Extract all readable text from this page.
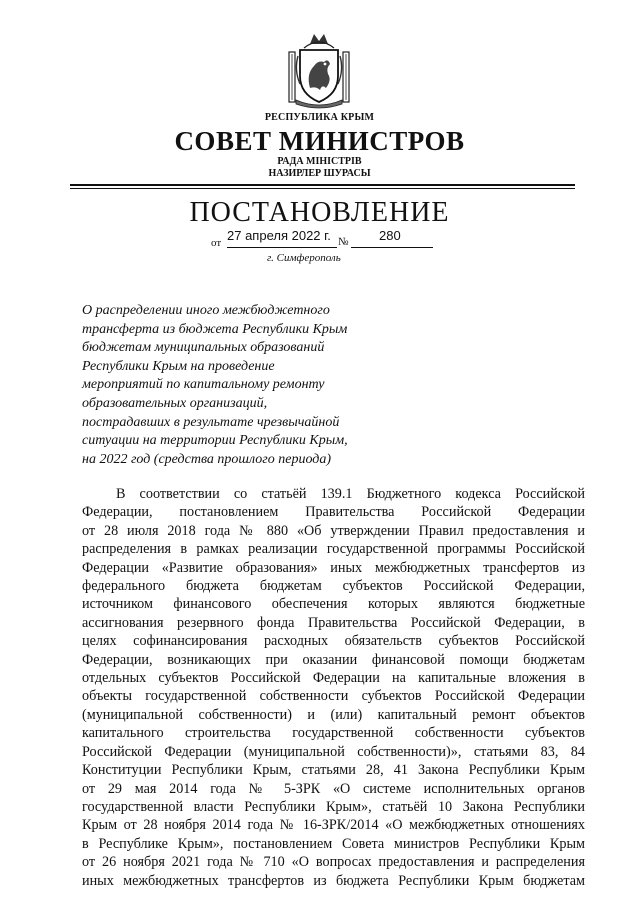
РЕСПУБЛИКА КРЫМ
СОВЕТ МИНИСТРОВ
РАДА МІНІСТРІВ
НАЗИРЛЕР ШУРАСЫ
ПОСТАНОВЛЕНИЕ
от 27 апреля 2022 г. № 280
г. Симферополь
О распределении иного межбюджетного
трансферта из бюджета Республики Крым
бюджетам муниципальных образований
Республики Крым на проведение
мероприятий по капитальному ремонту
образовательных организаций,
пострадавших в результате чрезвычайной
ситуации на территории Республики Крым,
на 2022 год (средства прошлого периода)
В соответствии со статьёй 139.1 Бюджетного кодекса Российской
Федерации, постановлением Правительства Российской Федерации
от 28 июля 2018 года № 880 «Об утверждении Правил предоставления и
распределения в рамках реализации государственной программы Российской
Федерации «Развитие образования» иных межбюджетных трансфертов из
федерального бюджета бюджетам субъектов Российской Федерации,
источником финансового обеспечения которых являются бюджетные
ассигнования резервного фонда Правительства Российской Федерации, в
целях софинансирования расходных обязательств субъектов Российской
Федерации, возникающих при оказании финансовой помощи бюджетам
отдельных субъектов Российской Федерации на капитальные вложения в
объекты государственной собственности субъектов Российской Федерации
(муниципальной собственности) и (или) капитальный ремонт объектов
капитального строительства государственной собственности субъектов
Российской Федерации (муниципальной собственности)», статьями 83, 84
Конституции Республики Крым, статьями 28, 41 Закона Республики Крым
от 29 мая 2014 года № 5-ЗРК «О системе исполнительных органов
государственной власти Республики Крым», статьёй 10 Закона Республики
Крым от 28 ноября 2014 года № 16-ЗРК/2014 «О межбюджетных отношениях
в Республике Крым», постановлением Совета министров Республики Крым
от 26 ноября 2021 года № 710 «О вопросах предоставления и распределения
иных межбюджетных трансфертов из бюджета Республики Крым бюджетам
